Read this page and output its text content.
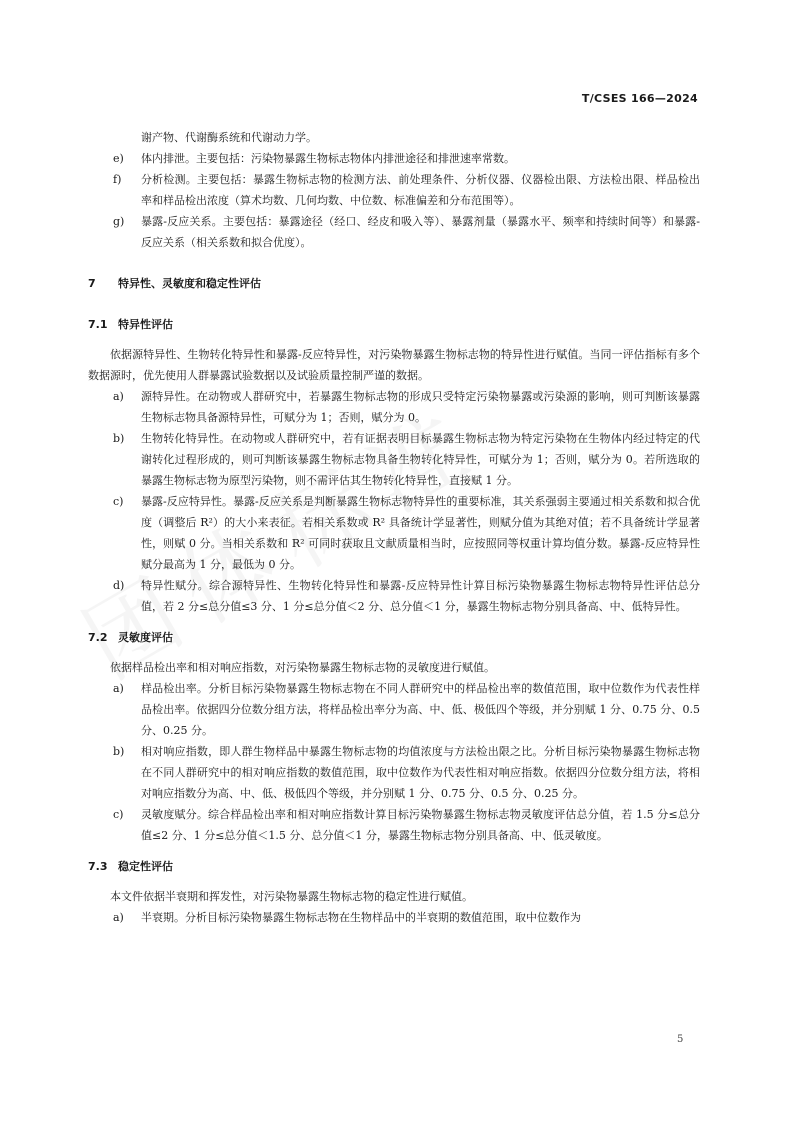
T/CSES 166—2024

谢产物、代谢酶系统和代谢动力学。

e) 体内排泄。主要包括：污染物暴露生物标志物体内排泄途径和排泄速率常数。

f) 分析检测。主要包括：暴露生物标志物的检测方法、前处理条件、分析仪器、仪器检出限、方法检出限、样品检出率和样品检出浓度（算术均数、几何均数、中位数、标准偏差和分布范围等）。

g) 暴露-反应关系。主要包括：暴露途径（经口、经皮和吸入等）、暴露剂量（暴露水平、频率和持续时间等）和暴露-反应关系（相关系数和拟合优度）。

7 特异性、灵敏度和稳定性评估

7.1 特异性评估

依据源特异性、生物转化特异性和暴露-反应特异性，对污染物暴露生物标志物的特异性进行赋值。当同一评估指标有多个数据源时，优先使用人群暴露试验数据以及试验质量控制严谨的数据。

a) 源特异性。在动物或人群研究中，若暴露生物标志物的形成只受特定污染物暴露或污染源的影响，则可判断该暴露生物标志物具备源特异性，可赋分为 1；否则，赋分为 0。

b) 生物转化特异性。在动物或人群研究中，若有证据表明目标暴露生物标志物为特定污染物在生物体内经过特定的代谢转化过程形成的，则可判断该暴露生物标志物具备生物转化特异性，可赋分为 1；否则，赋分为 0。若所选取的暴露生物标志物为原型污染物，则不需评估其生物转化特异性，直接赋 1 分。

c) 暴露-反应特异性。暴露-反应关系是判断暴露生物标志物特异性的重要标准，其关系强弱主要通过相关系数和拟合优度（调整后 R²）的大小来表征。若相关系数或 R² 具备统计学显著性，则赋分值为其绝对值；若不具备统计学显著性，则赋 0 分。当相关系数和 R² 可同时获取且文献质量相当时，应按照同等权重计算均值分数。暴露-反应特异性赋分最高为 1 分，最低为 0 分。

d) 特异性赋分。综合源特异性、生物转化特异性和暴露-反应特异性计算目标污染物暴露生物标志物特异性评估总分值，若 2 分≤总分值≤3 分、1 分≤总分值＜2 分、总分值＜1 分，暴露生物标志物分别具备高、中、低特异性。

7.2 灵敏度评估

依据样品检出率和相对响应指数，对污染物暴露生物标志物的灵敏度进行赋值。

a) 样品检出率。分析目标污染物暴露生物标志物在不同人群研究中的样品检出率的数值范围，取中位数作为代表性样品检出率。依据四分位数分组方法，将样品检出率分为高、中、低、极低四个等级，并分别赋 1 分、0.75 分、0.5 分、0.25 分。

b) 相对响应指数，即人群生物样品中暴露生物标志物的均值浓度与方法检出限之比。分析目标污染物暴露生物标志物在不同人群研究中的相对响应指数的数值范围，取中位数作为代表性相对响应指数。依据四分位数分组方法，将相对响应指数分为高、中、低、极低四个等级，并分别赋 1 分、0.75 分、0.5 分、0.25 分。

c) 灵敏度赋分。综合样品检出率和相对响应指数计算目标污染物暴露生物标志物灵敏度评估总分值，若 1.5 分≤总分值≤2 分、1 分≤总分值＜1.5 分、总分值＜1 分，暴露生物标志物分别具备高、中、低灵敏度。

7.3 稳定性评估

本文件依据半衰期和挥发性，对污染物暴露生物标志物的稳定性进行赋值。

a) 半衰期。分析目标污染物暴露生物标志物在生物样品中的半衰期的数值范围，取中位数作为

5
